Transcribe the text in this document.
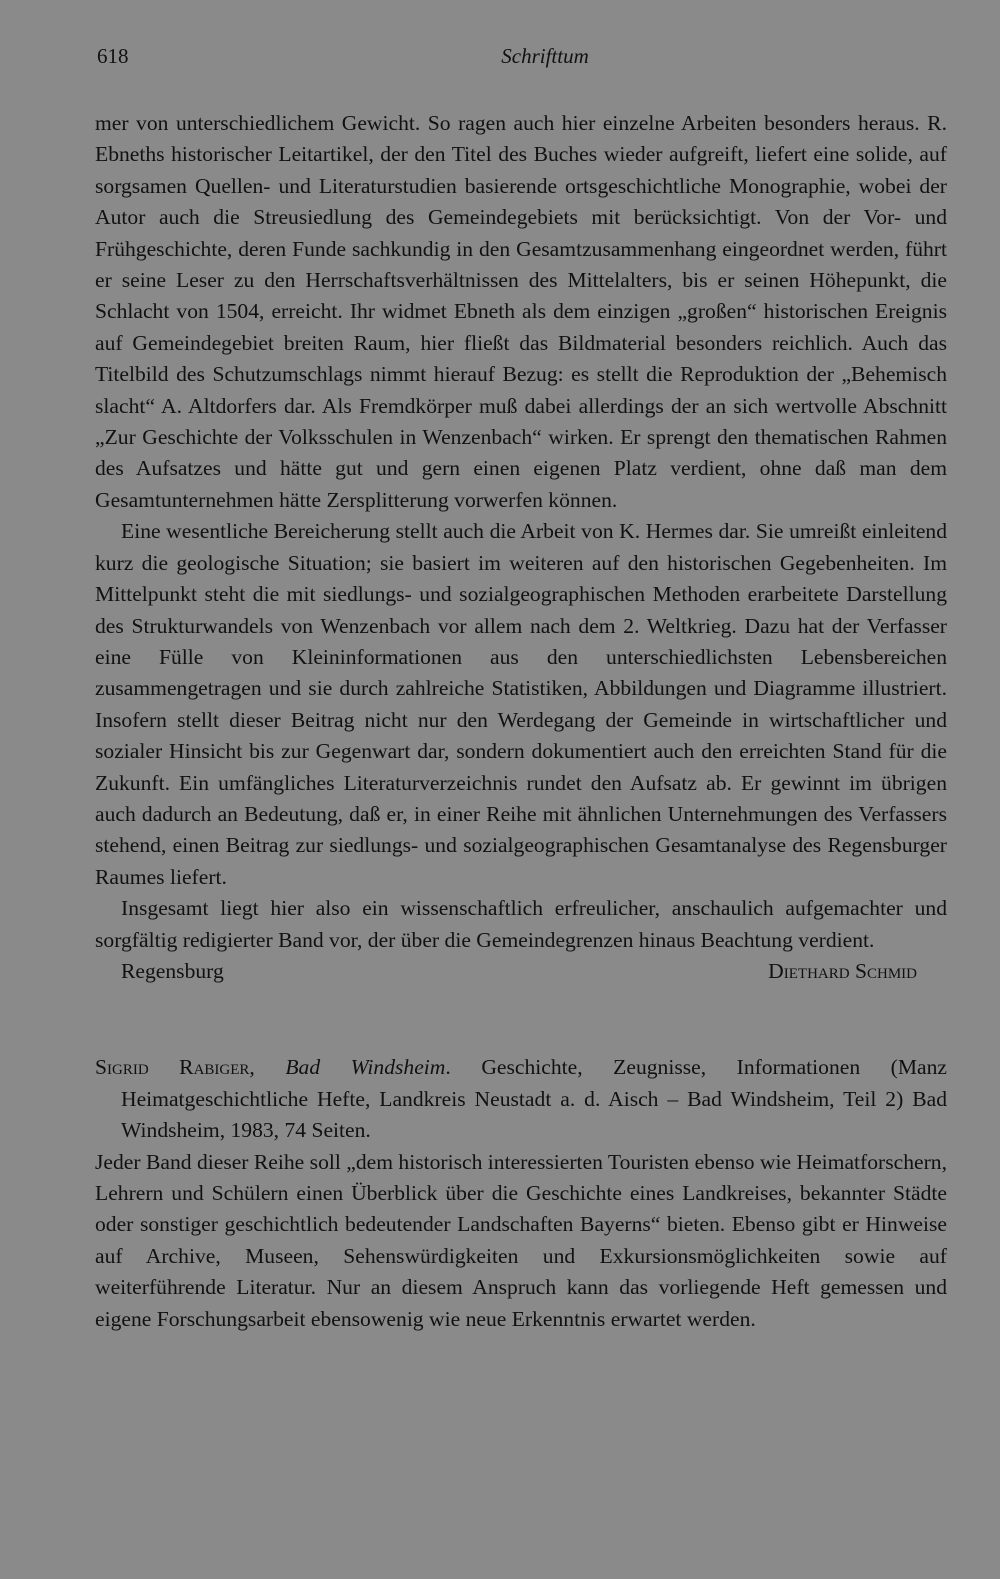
618	Schrifttum

mer von unterschiedlichem Gewicht. So ragen auch hier einzelne Arbeiten besonders heraus. R. Ebneths historischer Leitartikel, der den Titel des Buches wieder aufgreift, liefert eine solide, auf sorgsamen Quellen- und Literaturstudien basierende ortsgeschichtliche Monographie, wobei der Autor auch die Streusiedlung des Gemeindegebiets mit berücksichtigt. Von der Vor- und Frühgeschichte, deren Funde sachkundig in den Gesamtzusammenhang eingeordnet werden, führt er seine Leser zu den Herrschaftsverhältnissen des Mittelalters, bis er seinen Höhepunkt, die Schlacht von 1504, erreicht. Ihr widmet Ebneth als dem einzigen „großen“ historischen Ereignis auf Gemeindegebiet breiten Raum, hier fließt das Bildmaterial besonders reichlich. Auch das Titelbild des Schutzumschlags nimmt hierauf Bezug: es stellt die Reproduktion der „Behemisch slacht“ A. Altdorfers dar. Als Fremdkörper muß dabei allerdings der an sich wertvolle Abschnitt „Zur Geschichte der Volksschulen in Wenzenbach“ wirken. Er sprengt den thematischen Rahmen des Aufsatzes und hätte gut und gern einen eigenen Platz verdient, ohne daß man dem Gesamtunternehmen hätte Zersplitterung vorwerfen können.

Eine wesentliche Bereicherung stellt auch die Arbeit von K. Hermes dar. Sie umreißt einleitend kurz die geologische Situation; sie basiert im weiteren auf den historischen Gegebenheiten. Im Mittelpunkt steht die mit siedlungs- und sozialgeographischen Methoden erarbeitete Darstellung des Strukturwandels von Wenzenbach vor allem nach dem 2. Weltkrieg. Dazu hat der Verfasser eine Fülle von Kleininformationen aus den unterschiedlichsten Lebensbereichen zusammengetragen und sie durch zahlreiche Statistiken, Abbildungen und Diagramme illustriert. Insofern stellt dieser Beitrag nicht nur den Werdegang der Gemeinde in wirtschaftlicher und sozialer Hinsicht bis zur Gegenwart dar, sondern dokumentiert auch den erreichten Stand für die Zukunft. Ein umfängliches Literaturverzeichnis rundet den Aufsatz ab. Er gewinnt im übrigen auch dadurch an Bedeutung, daß er, in einer Reihe mit ähnlichen Unternehmungen des Verfassers stehend, einen Beitrag zur siedlungs- und sozialgeographischen Gesamtanalyse des Regensburger Raumes liefert.

Insgesamt liegt hier also ein wissenschaftlich erfreulicher, anschaulich aufgemachter und sorgfältig redigierter Band vor, der über die Gemeindegrenzen hinaus Beachtung verdient.

Regensburg	Diethard Schmid

Sigrid Rabiger, Bad Windsheim. Geschichte, Zeugnisse, Informationen (Manz Heimatgeschichtliche Hefte, Landkreis Neustadt a. d. Aisch – Bad Windsheim, Teil 2) Bad Windsheim, 1983, 74 Seiten.

Jeder Band dieser Reihe soll „dem historisch interessierten Touristen ebenso wie Heimatforschern, Lehrern und Schülern einen Überblick über die Geschichte eines Landkreises, bekannter Städte oder sonstiger geschichtlich bedeutender Landschaften Bayerns“ bieten. Ebenso gibt er Hinweise auf Archive, Museen, Sehenswürdigkeiten und Exkursionsmöglichkeiten sowie auf weiterführende Literatur. Nur an diesem Anspruch kann das vorliegende Heft gemessen und eigene Forschungsarbeit ebensowenig wie neue Erkenntnis erwartet werden.
